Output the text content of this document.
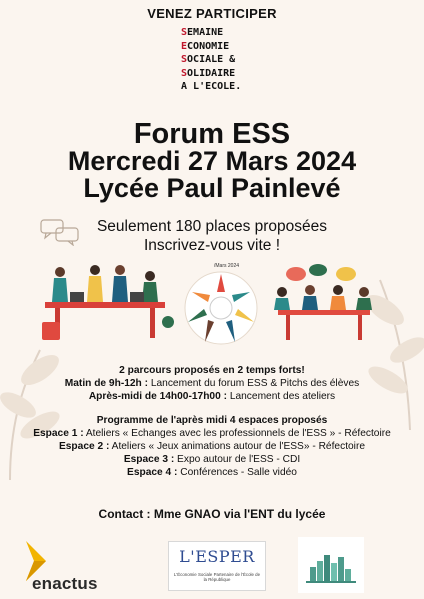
VENEZ PARTICIPER
SEMAINE
ECONOMIE
SOCIALE &
SOLIDAIRE
A L'ECOLE.
Forum ESS
Mercredi 27 Mars 2024
Lycée Paul Painlevé
Seulement 180 places proposées
Inscrivez-vous vite !
/Mars 2024
2 parcours proposés en 2 temps forts!
Matin de 9h-12h : Lancement du forum ESS & Pitchs des élèves
Après-midi de 14h00-17h00 : Lancement des ateliers
Programme de l'après midi 4 espaces proposés
Espace 1 : Ateliers « Echanges avec les professionnels de l'ESS » - Réfectoire
Espace 2 : Ateliers « Jeux animations autour de l'ESS» - Réfectoire
Espace 3 : Expo autour de l'ESS - CDI
Espace 4 : Conférences - Salle vidéo
Contact : Mme GNAO via l'ENT du lycée
enactus
L'ESPER
L'Économie Sociale Partenaire de l'École de la République
